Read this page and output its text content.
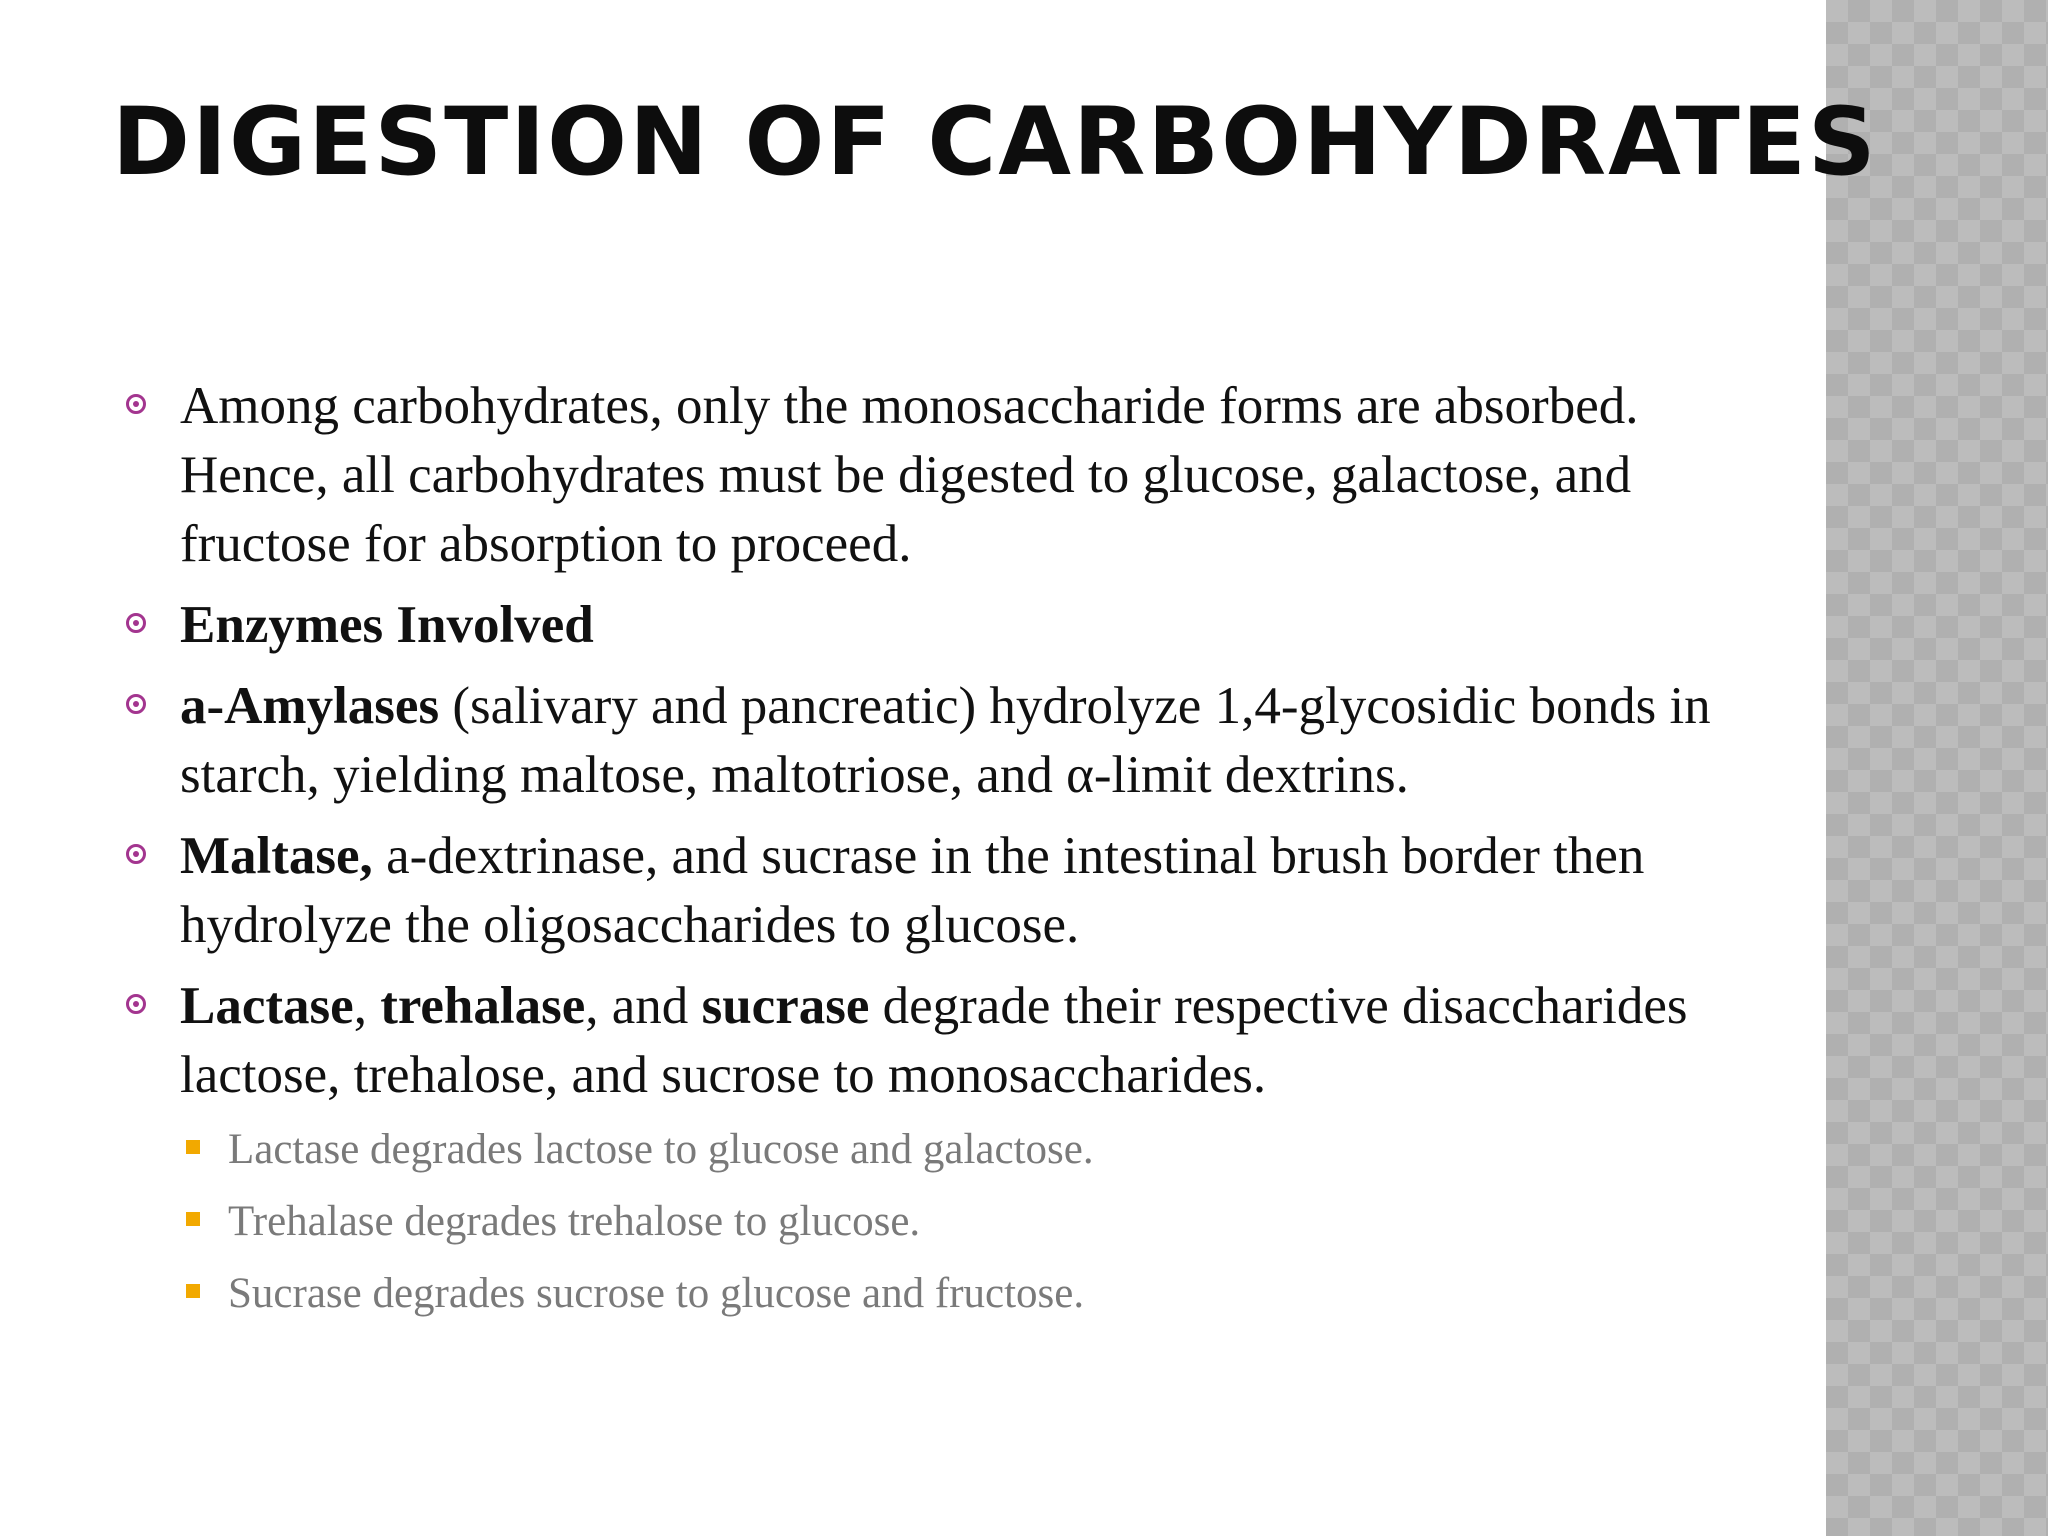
DIGESTION OF CARBOHYDRATES
Among carbohydrates, only the monosaccharide forms are absorbed. Hence, all carbohydrates must be digested to glucose, galactose, and fructose for absorption to proceed.
Enzymes Involved
a-Amylases (salivary and pancreatic) hydrolyze 1,4-glycosidic bonds in starch, yielding maltose, maltotriose, and α-limit dextrins.
Maltase, a-dextrinase, and sucrase in the intestinal brush border then hydrolyze the oligosaccharides to glucose.
Lactase, trehalase, and sucrase degrade their respective disaccharides lactose, trehalose, and sucrose to monosaccharides.
Lactase degrades lactose to glucose and galactose.
Trehalase degrades trehalose to glucose.
Sucrase degrades sucrose to glucose and fructose.
